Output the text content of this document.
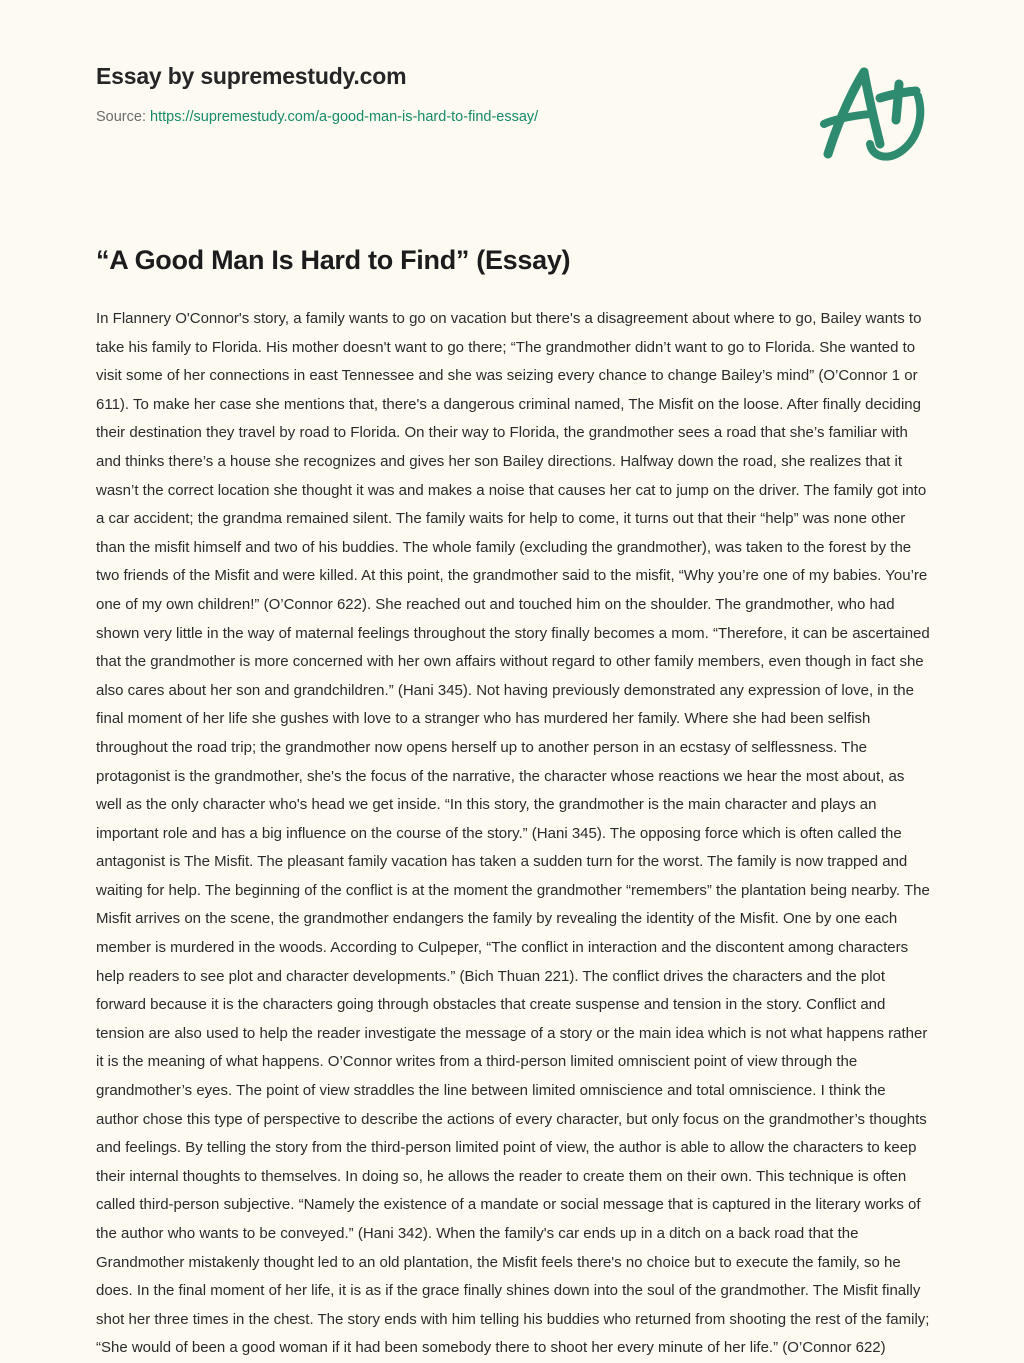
Essay by supremestudy.com
Source: https://supremestudy.com/a-good-man-is-hard-to-find-essay/
“A Good Man Is Hard to Find” (Essay)

In Flannery O'Connor's story, a family wants to go on vacation but there's a disagreement about where to go, Bailey wants to take his family to Florida. His mother doesn't want to go there; “The grandmother didn’t want to go to Florida. She wanted to visit some of her connections in east Tennessee and she was seizing every chance to change Bailey’s mind” (O’Connor 1 or 611). To make her case she mentions that, there's a dangerous criminal named, The Misfit on the loose. After finally deciding their destination they travel by road to Florida. On their way to Florida, the grandmother sees a road that she’s familiar with and thinks there’s a house she recognizes and gives her son Bailey directions. Halfway down the road, she realizes that it wasn’t the correct location she thought it was and makes a noise that causes her cat to jump on the driver. The family got into a car accident; the grandma remained silent. The family waits for help to come, it turns out that their “help” was none other than the misfit himself and two of his buddies. The whole family (excluding the grandmother), was taken to the forest by the two friends of the Misfit and were killed. At this point, the grandmother said to the misfit, “Why you’re one of my babies. You’re one of my own children!” (O’Connor 622). She reached out and touched him on the shoulder. The grandmother, who had shown very little in the way of maternal feelings throughout the story finally becomes a mom. “Therefore, it can be ascertained that the grandmother is more concerned with her own affairs without regard to other family members, even though in fact she also cares about her son and grandchildren.” (Hani 345). Not having previously demonstrated any expression of love, in the final moment of her life she gushes with love to a stranger who has murdered her family. Where she had been selfish throughout the road trip; the grandmother now opens herself up to another person in an ecstasy of selflessness. The protagonist is the grandmother, she's the focus of the narrative, the character whose reactions we hear the most about, as well as the only character who's head we get inside. “In this story, the grandmother is the main character and plays an important role and has a big influence on the course of the story.” (Hani 345). The opposing force which is often called the antagonist is The Misfit. The pleasant family vacation has taken a sudden turn for the worst. The family is now trapped and waiting for help. The beginning of the conflict is at the moment the grandmother “remembers” the plantation being nearby. The Misfit arrives on the scene, the grandmother endangers the family by revealing the identity of the Misfit. One by one each member is murdered in the woods. According to Culpeper, “The conflict in interaction and the discontent among characters help readers to see plot and character developments.” (Bich Thuan 221). The conflict drives the characters and the plot forward because it is the characters going through obstacles that create suspense and tension in the story. Conflict and tension are also used to help the reader investigate the message of a story or the main idea which is not what happens rather it is the meaning of what happens. O’Connor writes from a third-person limited omniscient point of view through the grandmother’s eyes. The point of view straddles the line between limited omniscience and total omniscience. I think the author chose this type of perspective to describe the actions of every character, but only focus on the grandmother’s thoughts and feelings. By telling the story from the third-person limited point of view, the author is able to allow the characters to keep their internal thoughts to themselves. In doing so, he allows the reader to create them on their own. This technique is often called third-person subjective. “Namely the existence of a mandate or social message that is captured in the literary works of the author who wants to be conveyed.” (Hani 342). When the family's car ends up in a ditch on a back road that the Grandmother mistakenly thought led to an old plantation, the Misfit feels there's no choice but to execute the family, so he does. In the final moment of her life, it is as if the grace finally shines down into the soul of the grandmother. The Misfit finally shot her three times in the chest. The story ends with him telling his buddies who returned from shooting the rest of the family; “She would of been a good woman if it had been somebody there to shoot her every minute of her life.” (O’Connor 622)
